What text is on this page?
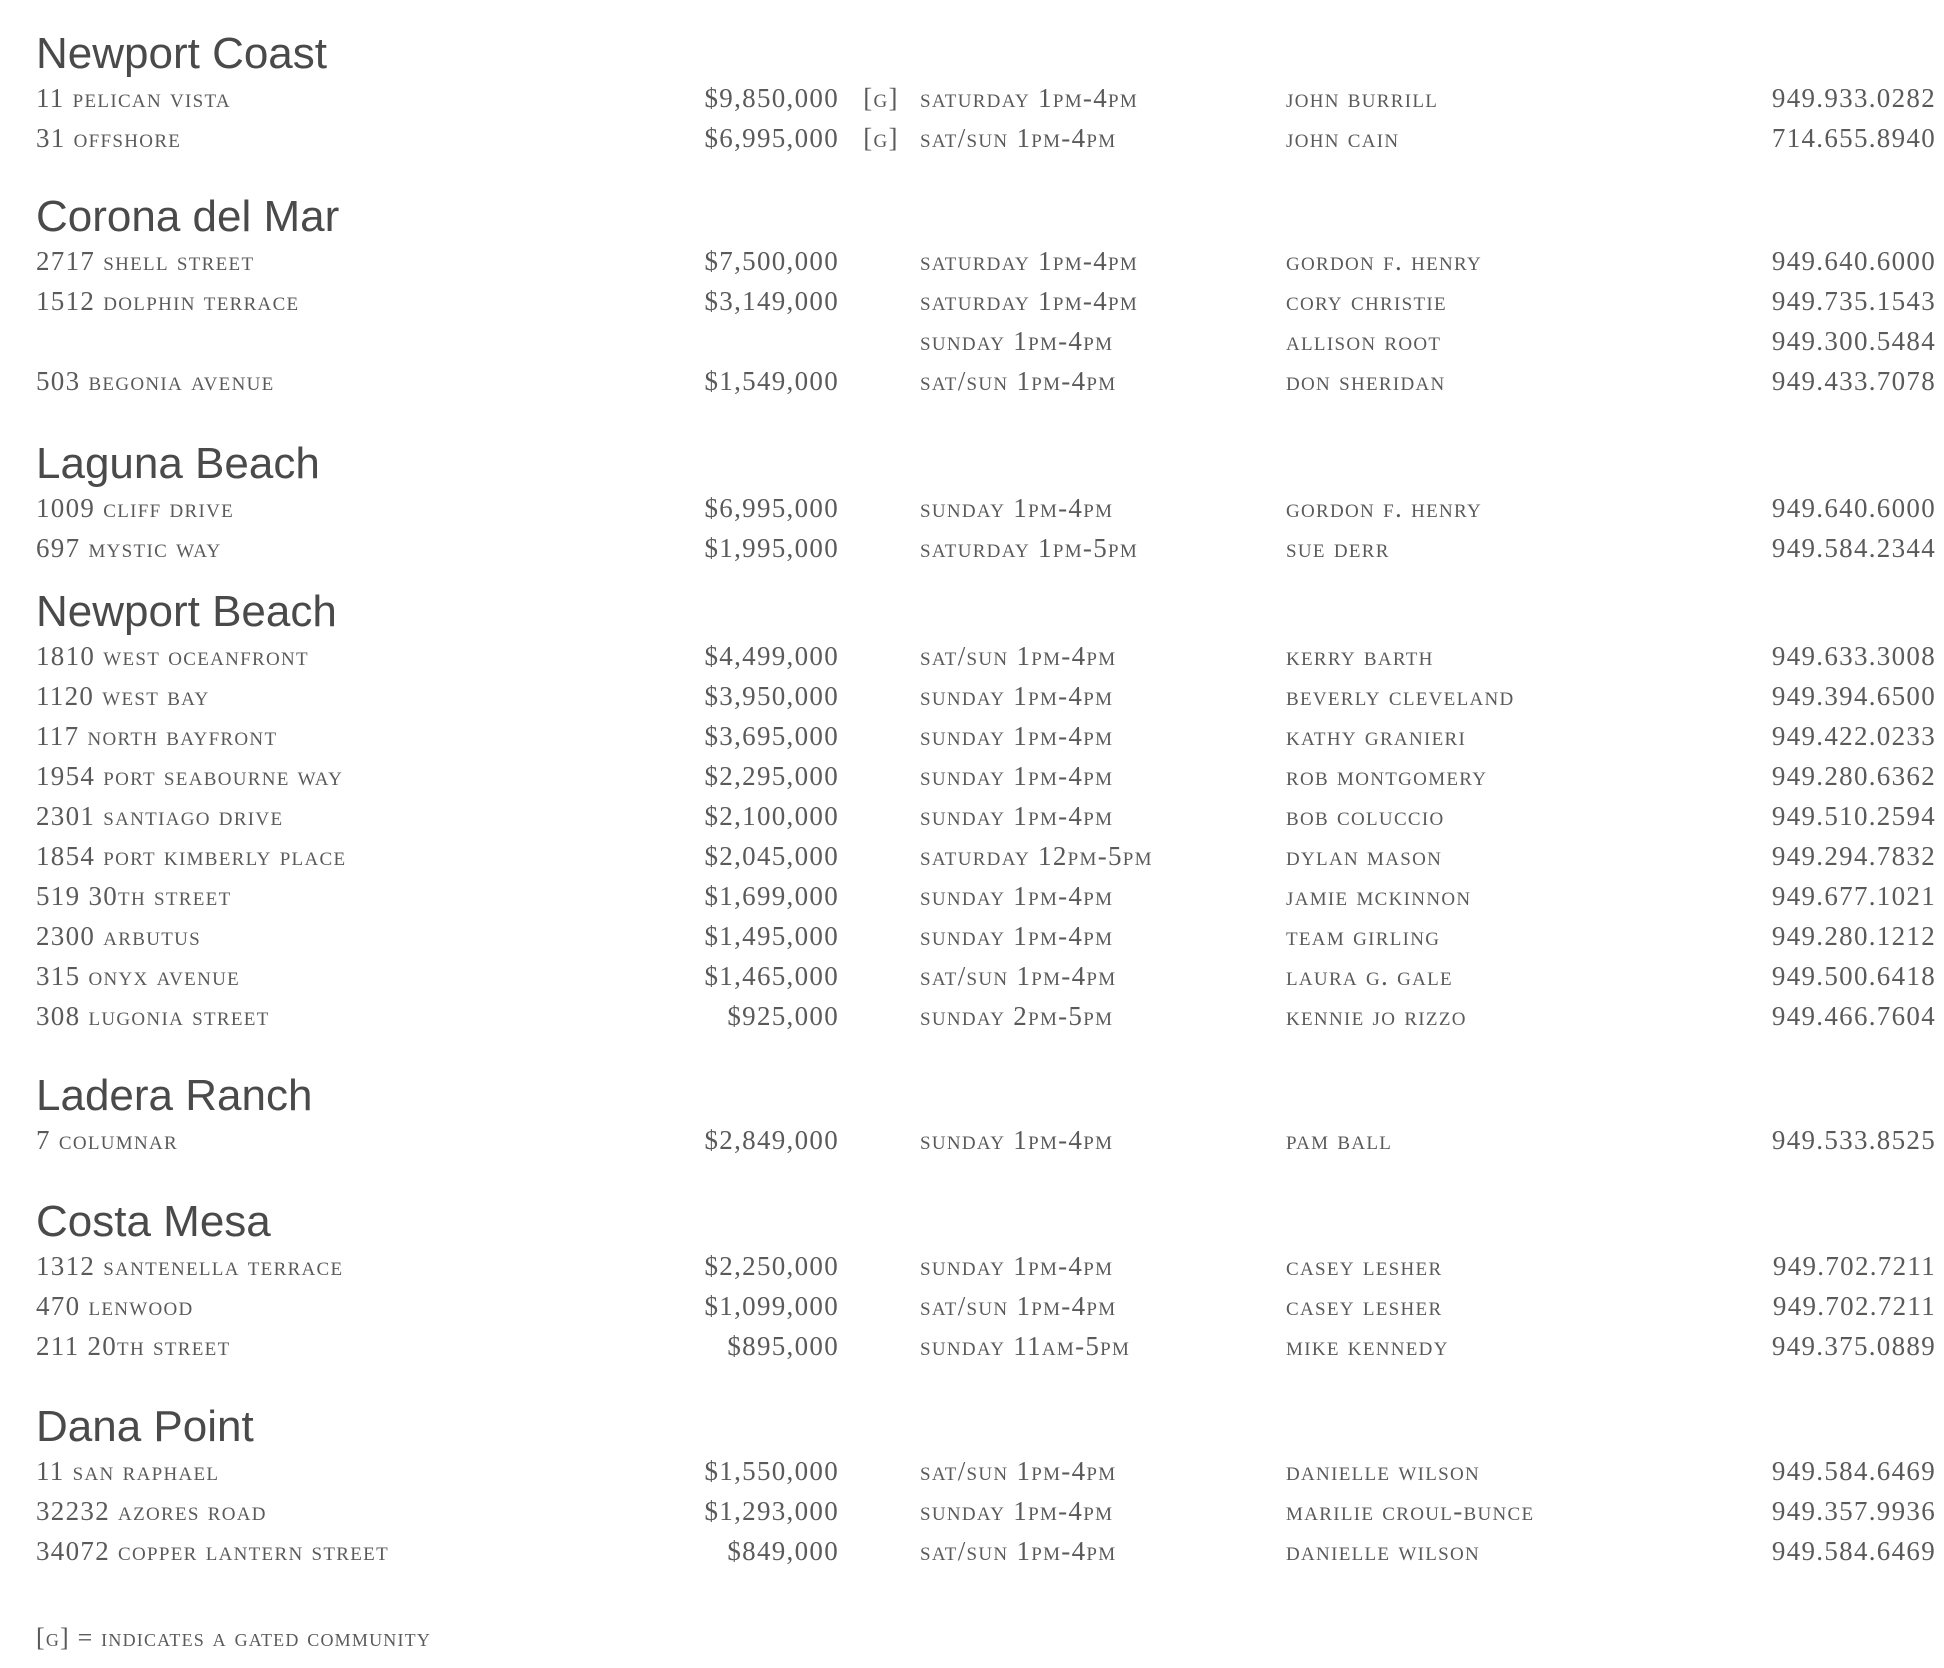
Newport Coast
11 pelican vista	$9,850,000 [g] saturday 1pm-4pm	john burrill	949.933.0282
31 offshore	$6,995,000 [g] sat/sun 1pm-4pm	john cain	714.655.8940
Corona del Mar
2717 shell street	$7,500,000	saturday 1pm-4pm	gordon f. henry	949.640.6000
1512 dolphin terrace	$3,149,000	saturday 1pm-4pm	cory christie	949.735.1543
sunday 1pm-4pm	allison root	949.300.5484
503 begonia avenue	$1,549,000	sat/sun 1pm-4pm	don sheridan	949.433.7078
Laguna Beach
1009 cliff drive	$6,995,000	sunday 1pm-4pm	gordon f. henry	949.640.6000
697 mystic way	$1,995,000	saturday 1pm-5pm	sue derr	949.584.2344
Newport Beach
1810 west oceanfront	$4,499,000	sat/sun 1pm-4pm	kerry barth	949.633.3008
1120 west bay	$3,950,000	sunday 1pm-4pm	beverly cleveland	949.394.6500
117 north bayfront	$3,695,000	sunday 1pm-4pm	kathy granieri	949.422.0233
1954 port seabourne way	$2,295,000	sunday 1pm-4pm	rob montgomery	949.280.6362
2301 santiago drive	$2,100,000	sunday 1pm-4pm	bob coluccio	949.510.2594
1854 port kimberly place	$2,045,000	saturday 12pm-5pm	dylan mason	949.294.7832
519 30th street	$1,699,000	sunday 1pm-4pm	jamie mckinnon	949.677.1021
2300 arbutus	$1,495,000	sunday 1pm-4pm	team girling	949.280.1212
315 onyx avenue	$1,465,000	sat/sun 1pm-4pm	laura g. gale	949.500.6418
308 lugonia street	$925,000	sunday 2pm-5pm	kennie jo rizzo	949.466.7604
Ladera Ranch
7 columnar	$2,849,000	sunday 1pm-4pm	pam ball	949.533.8525
Costa Mesa
1312 santenella terrace	$2,250,000	sunday 1pm-4pm	casey lesher	949.702.7211
470 lenwood	$1,099,000	sat/sun 1pm-4pm	casey lesher	949.702.7211
211 20th street	$895,000	sunday 11am-5pm	mike kennedy	949.375.0889
Dana Point
11 san raphael	$1,550,000	sat/sun 1pm-4pm	danielle wilson	949.584.6469
32232 azores road	$1,293,000	sunday 1pm-4pm	marilie croul-bunce	949.357.9936
34072 copper lantern street	$849,000	sat/sun 1pm-4pm	danielle wilson	949.584.6469
[g] = indicates a gated community
